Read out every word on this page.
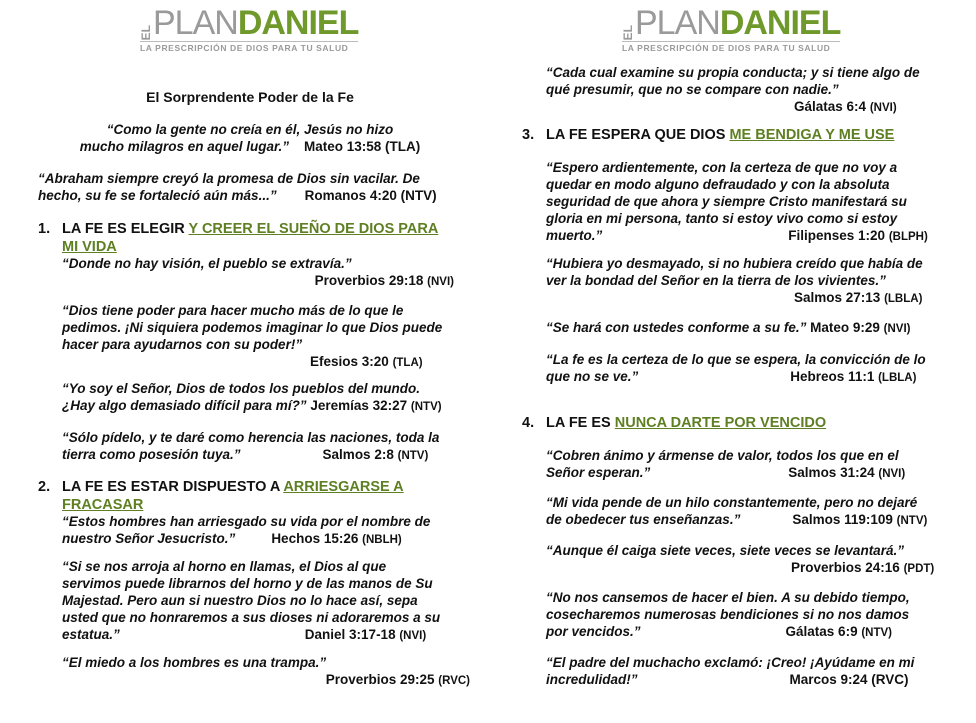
EL PLAN DANIEL
LA PRESCRIPCIÓN DE DIOS PARA TU SALUD
El Sorprendente Poder de la Fe
“Como la gente no creía en él, Jesús no hizo
mucho milagros en aquel lugar.” Mateo 13:58 (TLA)
“Abraham siempre creyó la promesa de Dios sin vacilar. De
hecho, su fe se fortaleció aún más...” Romanos 4:20 (NTV)
1. LA FE ES ELEGIR Y CREER EL SUEÑO DE DIOS PARA
MI VIDA
“Donde no hay visión, el pueblo se extravía.”
Proverbios 29:18 (NVI)
“Dios tiene poder para hacer mucho más de lo que le
pedimos. ¡Ni siquiera podemos imaginar lo que Dios puede
hacer para ayudarnos con su poder!”
Efesios 3:20 (TLA)
“Yo soy el Señor, Dios de todos los pueblos del mundo.
¿Hay algo demasiado difícil para mí?” Jeremías 32:27 (NTV)
“Sólo pídelo, y te daré como herencia las naciones, toda la
tierra como posesión tuya.”	Salmos 2:8 (NTV)
2. LA FE ES ESTAR DISPUESTO A ARRIESGARSE A
FRACASAR
“Estos hombres han arriesgado su vida por el nombre de
nuestro Señor Jesucristo.”	Hechos 15:26 (NBLH)
“Si se nos arroja al horno en llamas, el Dios al que
servimos puede librarnos del horno y de las manos de Su
Majestad. Pero aun si nuestro Dios no lo hace así, sepa
usted que no honraremos a sus dioses ni adoraremos a su
estatua.”	Daniel 3:17-18 (NVI)
“El miedo a los hombres es una trampa.”
Proverbios 29:25 (RVC)
EL PLAN DANIEL
LA PRESCRIPCIÓN DE DIOS PARA TU SALUD
“Cada cual examine su propia conducta; y si tiene algo de
qué presumir, que no se compare con nadie.”
Gálatas 6:4 (NVI)
3. LA FE ESPERA QUE DIOS ME BENDIGA Y ME USE
“Espero ardientemente, con la certeza de que no voy a
quedar en modo alguno defraudado y con la absoluta
seguridad de que ahora y siempre Cristo manifestará su
gloria en mi persona, tanto si estoy vivo como si estoy
muerto.”	Filipenses 1:20 (BLPH)
“Hubiera yo desmayado, si no hubiera creído que había de
ver la bondad del Señor en la tierra de los vivientes.”
Salmos 27:13 (LBLA)
“Se hará con ustedes conforme a su fe.” Mateo 9:29 (NVI)
“La fe es la certeza de lo que se espera, la convicción de lo
que no se ve.”	Hebreos 11:1 (LBLA)
4. LA FE ES NUNCA DARTE POR VENCIDO
“Cobren ánimo y ármense de valor, todos los que en el
Señor esperan.”	Salmos 31:24 (NVI)
“Mi vida pende de un hilo constantemente, pero no dejaré
de obedecer tus enseñanzas.”	Salmos 119:109 (NTV)
“Aunque él caiga siete veces, siete veces se levantará.”
Proverbios 24:16 (PDT)
“No nos cansemos de hacer el bien. A su debido tiempo,
cosecharemos numerosas bendiciones si no nos damos
por vencidos.”	Gálatas 6:9 (NTV)
“El padre del muchacho exclamó: ¡Creo! ¡Ayúdame en mi
incredulidad!”	Marcos 9:24 (RVC)
